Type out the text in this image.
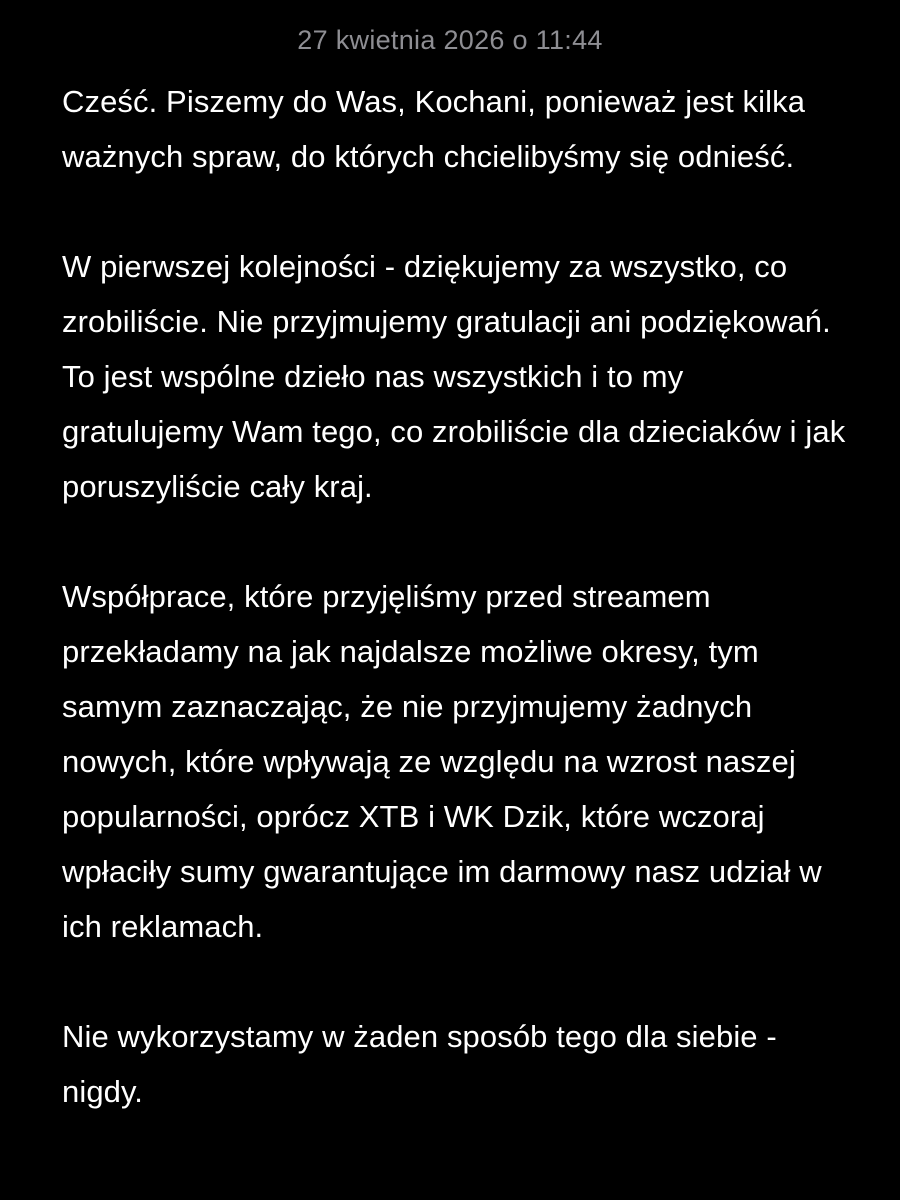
27 kwietnia 2026 o 11:44

Cześć. Piszemy do Was, Kochani, ponieważ jest kilka ważnych spraw, do których chcielibyśmy się odnieść.

W pierwszej kolejności - dziękujemy za wszystko, co zrobiliście. Nie przyjmujemy gratulacji ani podziękowań. To jest wspólne dzieło nas wszystkich i to my gratulujemy Wam tego, co zrobiliście dla dzieciaków i jak poruszyliście cały kraj.

Współprace, które przyjęliśmy przed streamem przekładamy na jak najdalsze możliwe okresy, tym samym zaznaczając, że nie przyjmujemy żadnych nowych, które wpływają ze względu na wzrost naszej popularności, oprócz XTB i WK Dzik, które wczoraj wpłaciły sumy gwarantujące im darmowy nasz udział w ich reklamach.

Nie wykorzystamy w żaden sposób tego dla siebie - nigdy.
